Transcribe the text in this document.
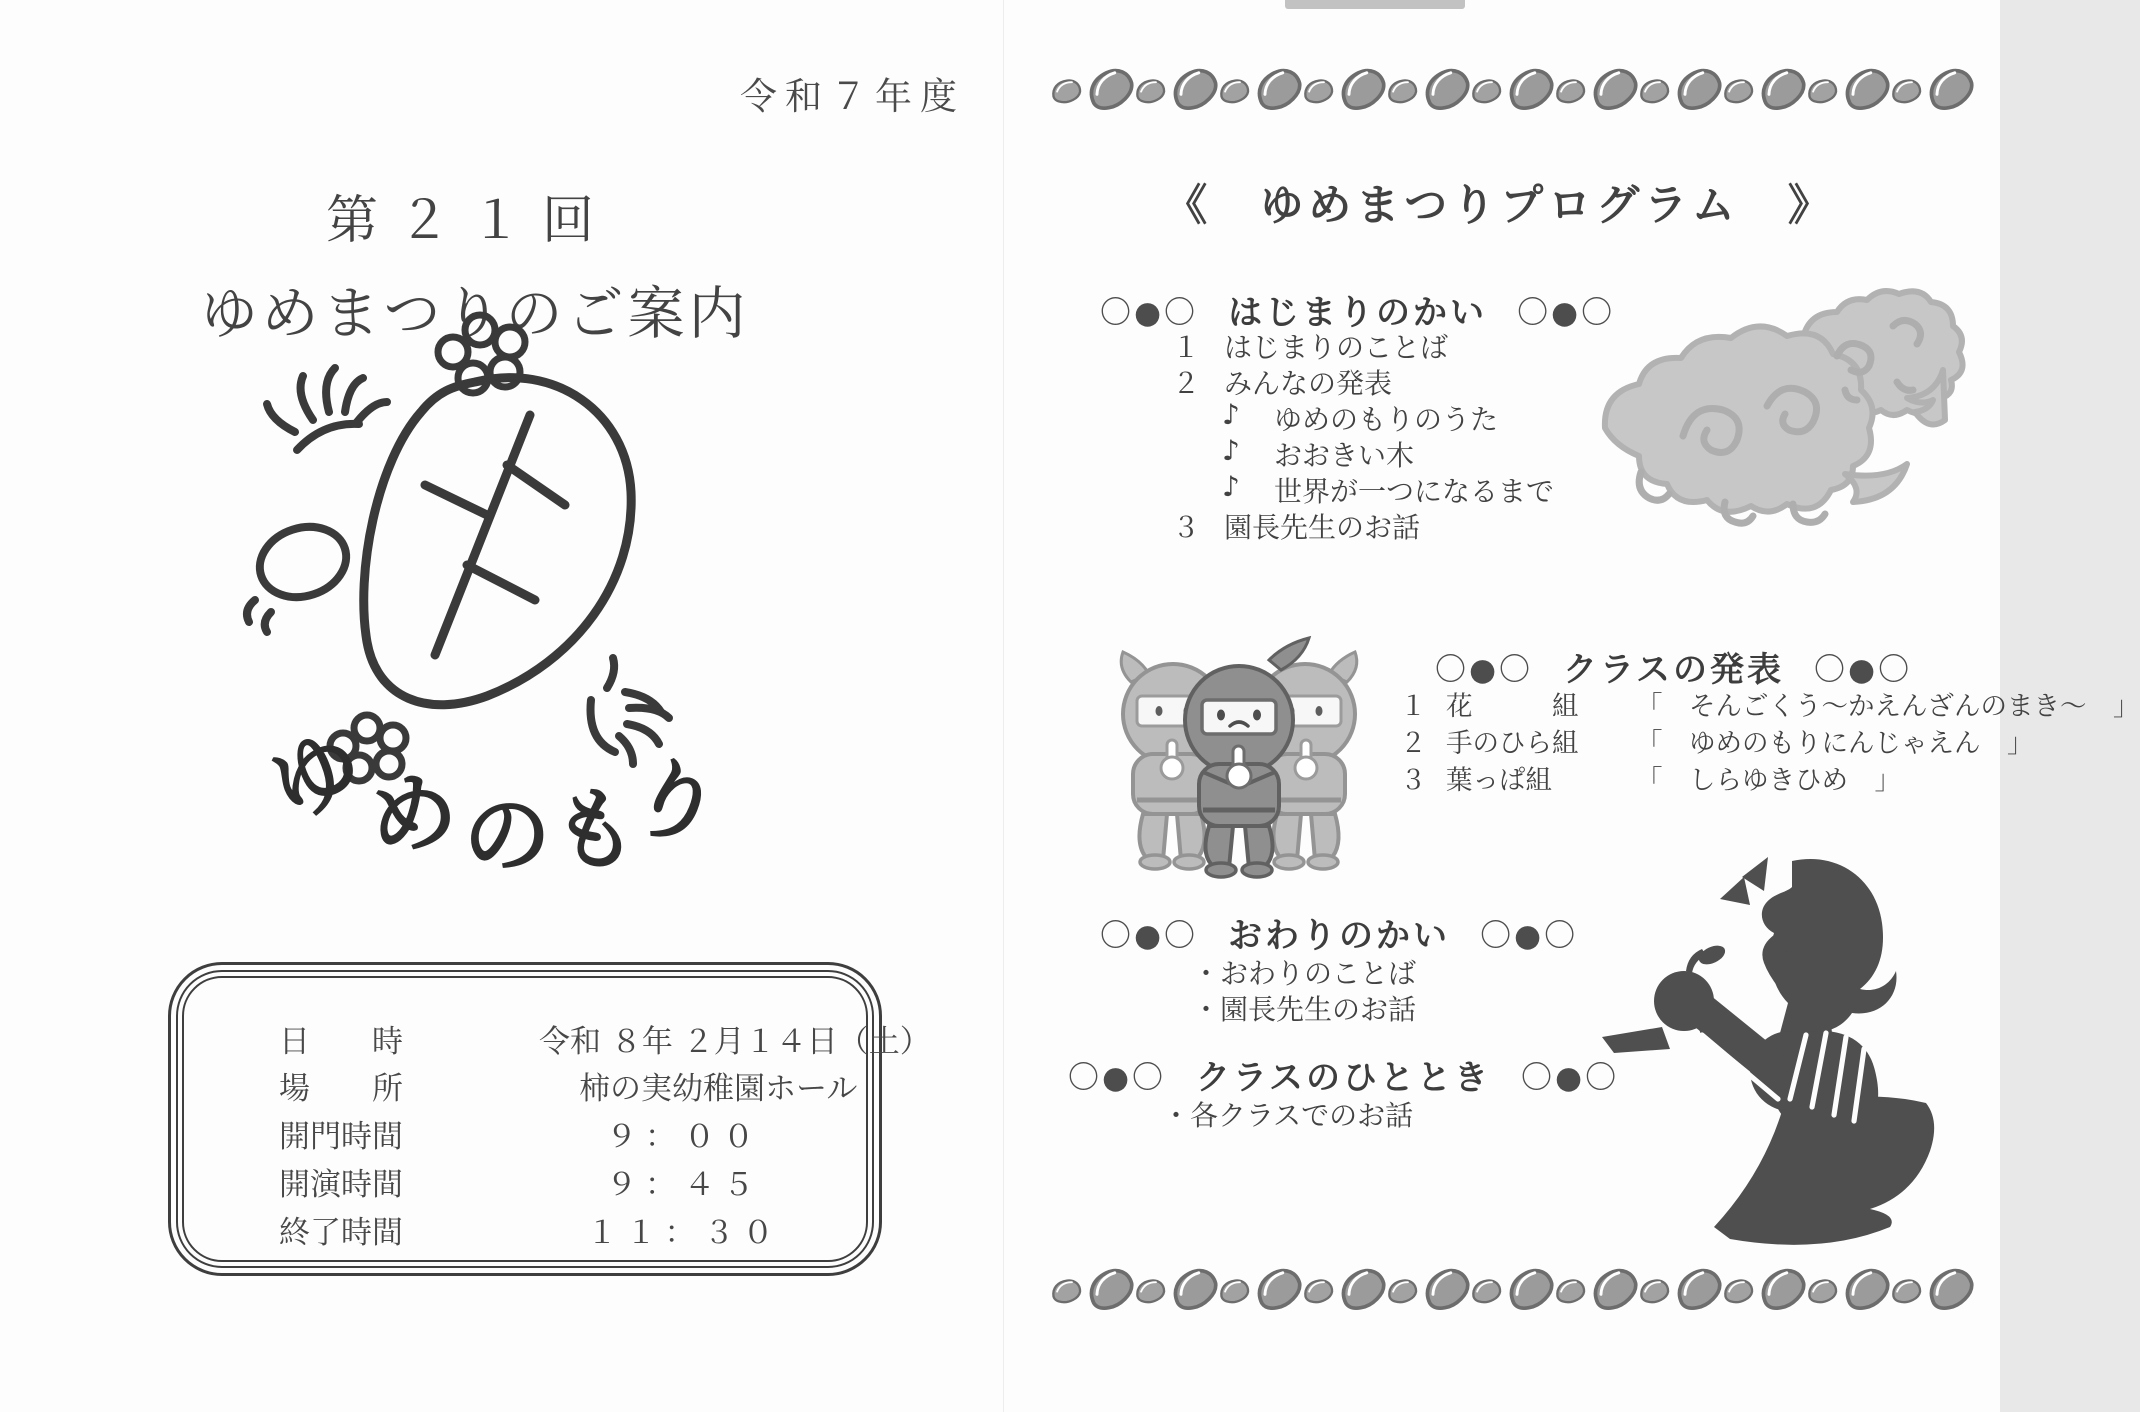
令和７年度
第２１回
ゆめまつりのご案内
ゆ
め
の
も
り
日　　時	令和 ８年 ２月１４日（土）
場　　所	柿の実幼稚園ホール
開門時間	９：００
開演時間	９：４５
終了時間	１１：３０
《　ゆめまつりプログラム　》
〇●〇 はじまりのかい 〇●〇
１ はじまりのことば
２ みんなの発表
♪	ゆめのもりのうた
♪	おおきい木
♪	世界が一つになるまで
３ 園長先生のお話
〇●〇 クラスの発表 〇●〇
１ 花　　　組	「　そんごくう～かえんざんのまき～　」
２ 手のひら組	「　ゆめのもりにんじゃえん　」
３ 葉っぱ組	「　しらゆきひめ　」
〇●〇 おわりのかい 〇●〇
・おわりのことば
・園長先生のお話
〇●〇 クラスのひととき 〇●〇
・各クラスでのお話
